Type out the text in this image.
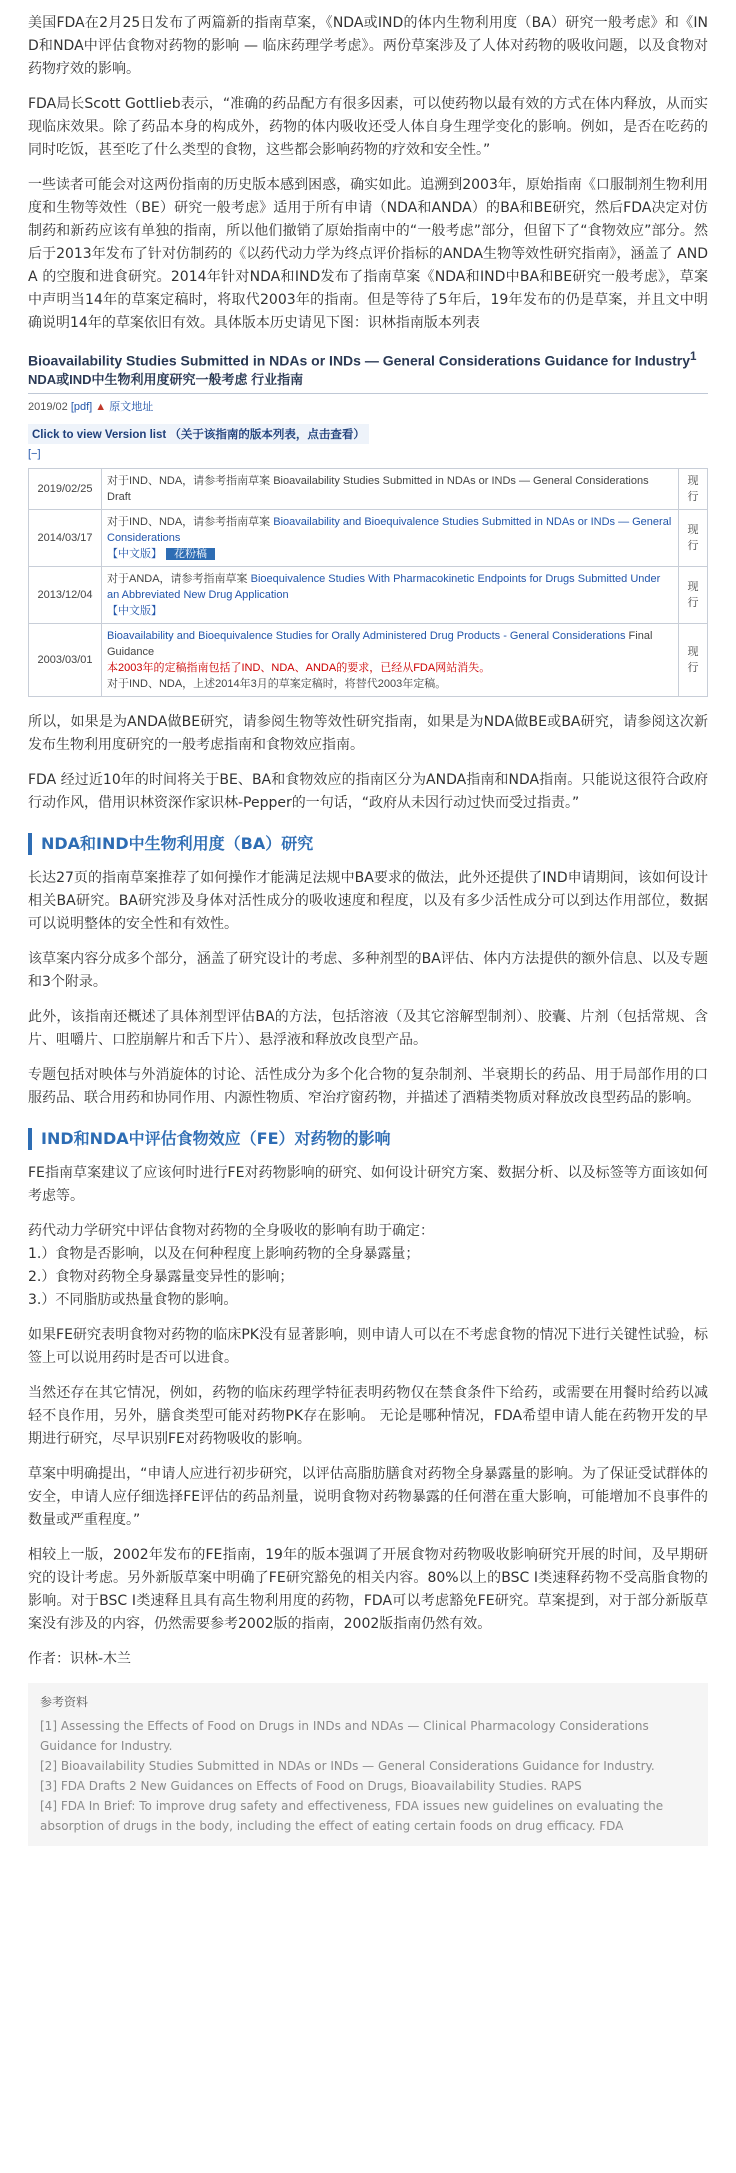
美国FDA在2月25日发布了两篇新的指南草案，《NDA或IND的体内生物利用度（BA）研究一般考虑》和《IND和NDA中评估食物对药物的影响 — 临床药理学考虑》。两份草案涉及了人体对药物的吸收问题，以及食物对药物疗效的影响。

FDA局长Scott Gottlieb表示，“准确的药品配方有很多因素，可以使药物以最有效的方式在体内释放，从而实现临床效果。除了药品本身的构成外，药物的体内吸收还受人体自身生理学变化的影响。例如，是否在吃药的同时吃饭，甚至吃了什么类型的食物，这些都会影响药物的疗效和安全性。”

一些读者可能会对这两份指南的历史版本感到困惑，确实如此。追溯到2003年，原始指南《口服制剂生物利用度和生物等效性（BE）研究一般考虑》适用于所有申请（NDA和ANDA）的BA和BE研究，然后FDA决定对仿制药和新药应该有单独的指南，所以他们撤销了原始指南中的“一般考虑”部分，但留下了“食物效应”部分。然后于2013年发布了针对仿制药的《以药代动力学为终点评价指标的ANDA生物等效性研究指南》，涵盖了 ANDA 的空腹和进食研究。2014年针对NDA和IND发布了指南草案《NDA和IND中BA和BE研究一般考虑》，草案中声明当14年的草案定稿时，将取代2003年的指南。但是等待了5年后，19年发布的仍是草案，并且文中明确说明14年的草案依旧有效。具体版本历史请见下图：识林指南版本列表

Bioavailability Studies Submitted in NDAs or INDs — General Considerations Guidance for Industry$^1$
NDA或IND中生物利用度研究一般考虑 行业指南
2019/02 [pdf] ▲ 原文地址
Click to view Version list （关于该指南的版本列表，点击查看）
[−]
2019/02/25	对于IND、NDA，请参考指南草案 Bioavailability Studies Submitted in NDAs or INDs — General Considerations Draft	现行
2014/03/17	对于IND、NDA，请参考指南草案 Bioavailability and Bioequivalence Studies Submitted in NDAs or INDs — General Considerations
【中文版】 花粉稿	现行
2013/12/04	对于ANDA，请参考指南草案 Bioequivalence Studies With Pharmacokinetic Endpoints for Drugs Submitted Under an Abbreviated New Drug Application
【中文版】	现行
2003/03/01	Bioavailability and Bioequivalence Studies for Orally Administered Drug Products - General Considerations Final Guidance
本2003年的定稿指南包括了IND、NDA、ANDA的要求，已经从FDA网站消失。
对于IND、NDA，上述2014年3月的草案定稿时，将替代2003年定稿。	现行

所以，如果是为ANDA做BE研究，请参阅生物等效性研究指南，如果是为NDA做BE或BA研究，请参阅这次新发布生物利用度研究的一般考虑指南和食物效应指南。

FDA 经过近10年的时间将关于BE、BA和食物效应的指南区分为ANDA指南和NDA指南。只能说这很符合政府行动作风，借用识林资深作家识林-Pepper的一句话，“政府从未因行动过快而受过指责。”

NDA和IND中生物利用度（BA）研究

长达27页的指南草案推荐了如何操作才能满足法规中BA要求的做法，此外还提供了IND申请期间，该如何设计相关BA研究。BA研究涉及身体对活性成分的吸收速度和程度，以及有多少活性成分可以到达作用部位，数据可以说明整体的安全性和有效性。

该草案内容分成多个部分，涵盖了研究设计的考虑、多种剂型的BA评估、体内方法提供的额外信息、以及专题和3个附录。

此外，该指南还概述了具体剂型评估BA的方法，包括溶液（及其它溶解型制剂）、胶囊、片剂（包括常规、含片、咀嚼片、口腔崩解片和舌下片）、悬浮液和释放改良型产品。

专题包括对映体与外消旋体的讨论、活性成分为多个化合物的复杂制剂、半衰期长的药品、用于局部作用的口服药品、联合用药和协同作用、内源性物质、窄治疗窗药物，并描述了酒精类物质对释放改良型药品的影响。

IND和NDA中评估食物效应（FE）对药物的影响

FE指南草案建议了应该何时进行FE对药物影响的研究、如何设计研究方案、数据分析、以及标签等方面该如何考虑等。

药代动力学研究中评估食物对药物的全身吸收的影响有助于确定：
1.）食物是否影响，以及在何种程度上影响药物的全身暴露量；
2.）食物对药物全身暴露量变异性的影响；
3.）不同脂肪或热量食物的影响。

如果FE研究表明食物对药物的临床PK没有显著影响，则申请人可以在不考虑食物的情况下进行关键性试验，标签上可以说用药时是否可以进食。

当然还存在其它情况，例如，药物的临床药理学特征表明药物仅在禁食条件下给药，或需要在用餐时给药以减轻不良作用，另外，膳食类型可能对药物PK存在影响。 无论是哪种情况，FDA希望申请人能在药物开发的早期进行研究，尽早识别FE对药物吸收的影响。

草案中明确提出，“申请人应进行初步研究，以评估高脂肪膳食对药物全身暴露量的影响。为了保证受试群体的安全，申请人应仔细选择FE评估的药品剂量，说明食物对药物暴露的任何潜在重大影响，可能增加不良事件的数量或严重程度。”

相较上一版，2002年发布的FE指南，19年的版本强调了开展食物对药物吸收影响研究开展的时间，及早期研究的设计考虑。另外新版草案中明确了FE研究豁免的相关内容。80%以上的BSC I类速释药物不受高脂食物的影响。对于BSC I类速释且具有高生物利用度的药物，FDA可以考虑豁免FE研究。草案提到，对于部分新版草案没有涉及的内容，仍然需要参考2002版的指南，2002版指南仍然有效。

作者：识林-木兰

参考资料
[1] Assessing the Effects of Food on Drugs in INDs and NDAs — Clinical Pharmacology Considerations Guidance for Industry.
[2] Bioavailability Studies Submitted in NDAs or INDs — General Considerations Guidance for Industry.
[3] FDA Drafts 2 New Guidances on Effects of Food on Drugs, Bioavailability Studies. RAPS
[4] FDA In Brief: To improve drug safety and effectiveness, FDA issues new guidelines on evaluating the absorption of drugs in the body, including the effect of eating certain foods on drug efficacy. FDA
